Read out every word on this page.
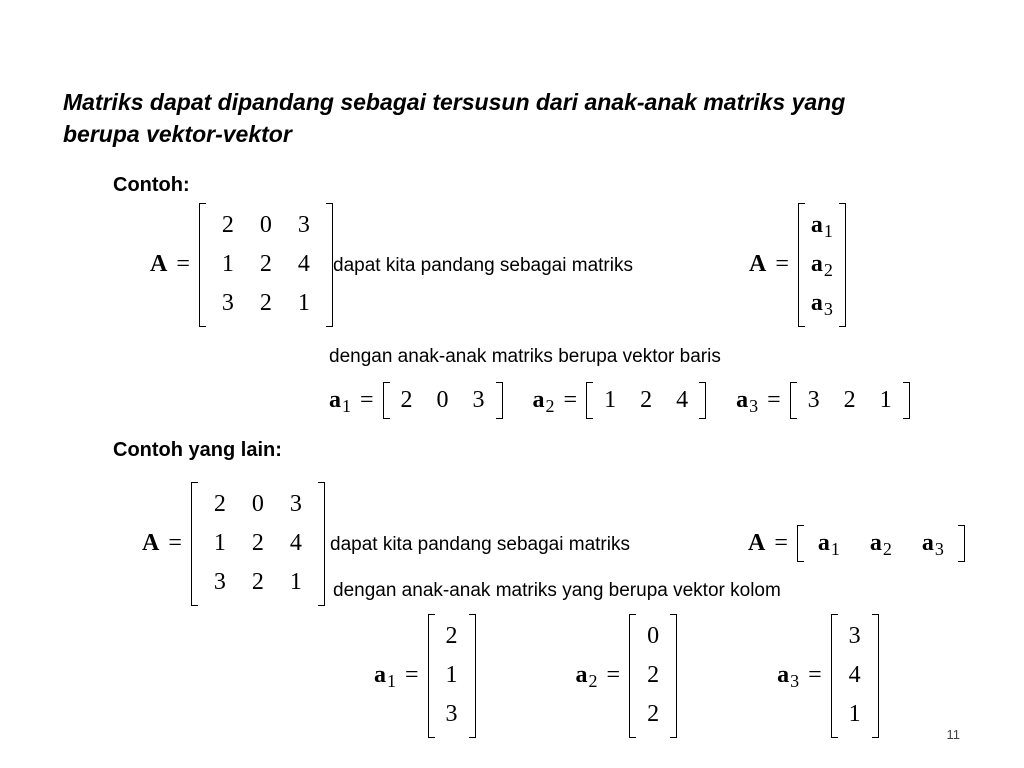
Matriks dapat dipandang sebagai tersusun dari anak-anak matriks yang berupa vektor-vektor
Contoh:
A =
2 0 3
1 2 4
3 2 1
dapat kita pandang sebagai matriks	A =
$a_1$
$a_2$
$a_3$
dengan anak-anak matriks berupa vektor baris
$a_1 = 2$ 0 3 $a_2 = 1$ 2 4 $a_3 = 3$ 2 1
Contoh yang lain:
A =
2 0 3
1 2 4
3 2 1
dapat kita pandang sebagai matriks	$A = a_1$ $a_2$ $a_3$
dengan anak-anak matriks yang berupa vektor kolom
$a_1$ =
2
1
3
$a_2$ =
0
2
2
$a_3$ =
3
4
1
11
